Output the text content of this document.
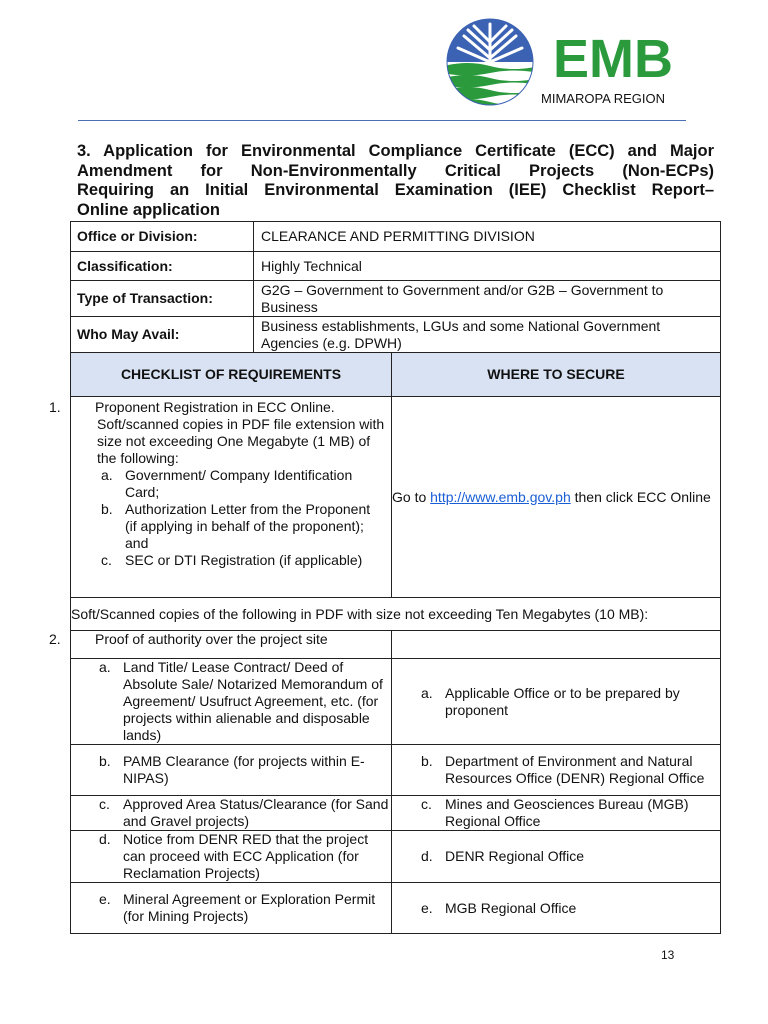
EMB
MIMAROPA REGION
3. Application for Environmental Compliance Certificate (ECC) and Major
Amendment for Non-Environmentally Critical Projects (Non-ECPs)
Requiring an Initial Environmental Examination (IEE) Checklist Report–
Online application
Office or Division:	CLEARANCE AND PERMITTING DIVISION
Classification:	Highly Technical
Type of Transaction:	G2G – Government to Government and/or G2B – Government to Business
Who May Avail:	Business establishments, LGUs and some National Government Agencies (e.g. DPWH)
CHECKLIST OF REQUIREMENTS	WHERE TO SECURE

1. Proponent Registration in ECC Online. Soft/scanned copies in PDF file extension with size not exceeding One Megabyte (1 MB) of the following:
a. Government/ Company Identification Card;
b. Authorization Letter from the Proponent (if applying in behalf of the proponent); and
c. SEC or DTI Registration (if applicable)	Go to http://www.emb.gov.ph then click ECC Online
Soft/Scanned copies of the following in PDF with size not exceeding Ten Megabytes (10 MB):	

2. Proof of authority over the project site	

a. Land Title/ Lease Contract/ Deed of Absolute Sale/ Notarized Memorandum of Agreement/ Usufruct Agreement, etc. (for projects within alienable and disposable lands)	a. Applicable Office or to be prepared by proponent

b. PAMB Clearance (for projects within E-NIPAS)	b. Department of Environment and Natural Resources Office (DENR) Regional Office

c. Approved Area Status/Clearance (for Sand and Gravel projects)	c. Mines and Geosciences Bureau (MGB) Regional Office

d. Notice from DENR RED that the project can proceed with ECC Application (for Reclamation Projects)	d. DENR Regional Office

e. Mineral Agreement or Exploration Permit (for Mining Projects)	e. MGB Regional Office
13
